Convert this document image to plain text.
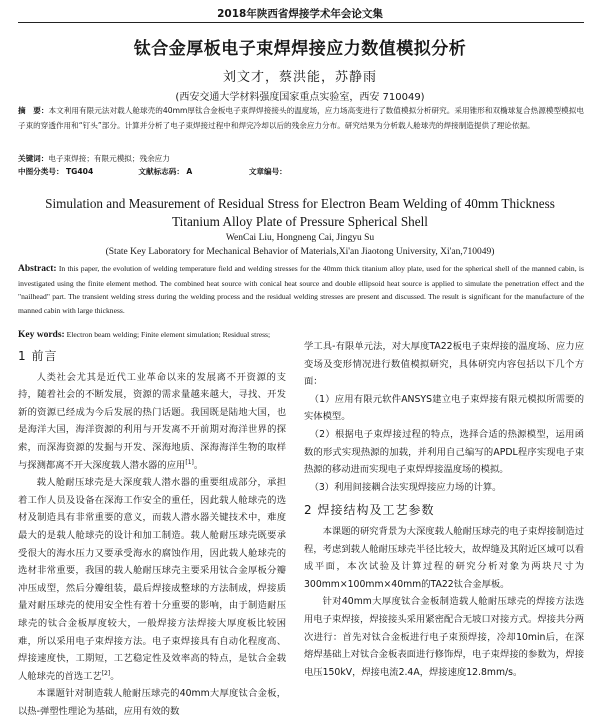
2018年陕西省焊接学术年会论文集
钛合金厚板电子束焊焊接应力数值模拟分析
刘文才，蔡洪能，苏静雨
(西安交通大学材料强度国家重点实验室，西安 710049)
摘　要：本文利用有限元法对载人舱球壳的40mm厚钛合金板电子束焊焊接接头的温度场，应力场高变进行了数值模拟分析研究。采用锥形和双椭球复合热源模型模拟电子束的穿透作用和“钉头”部分。计算并分析了电子束焊接过程中和焊完冷却以后的残余应力分布。研究结果为分析载人舱球壳的焊接制造提供了理论依据。
关键词：电子束焊接；有限元模拟；残余应力
中图分类号： TG404	文献标志码： A	文章编号：
Simulation and Measurement of Residual Stress for Electron Beam Welding of 40mm Thickness Titanium Alloy Plate of Pressure Spherical Shell
WenCai Liu, Hongneng Cai, Jingyu Su
(State Key Laboratory for Mechanical Behavior of Materials,Xi'an Jiaotong University, Xi'an,710049)
Abstract: In this paper, the evolution of welding temperature field and welding stresses for the 40mm thick titanium alloy plate, used for the spherical shell of the manned cabin, is investigated using the finite element method. The combined heat source with conical heat source and double ellipsoid heat source is applied to simulate the penetration effect and the "nailhead" part. The transient welding stress during the welding process and the residual welding stresses are present and discussed. The result is significant for the manufacture of the manned cabin with large thickness.
Key words: Electron beam welding; Finite element simulation; Residual stress;
1 前言

人类社会尤其是近代工业革命以来的发展离不开资源的支持，随着社会的不断发展，资源的需求量越来越大，寻找、开发新的资源已经成为今后发展的热门话题。我国既是陆地大国，也是海洋大国，海洋资源的利用与开发离不开前期对海洋世界的探索，而深海资源的发掘与开发、深海地质、深海海洋生物的取样与探测都离不开大深度载人潜水器的应用[1]。

载人舱耐压球壳是大深度载人潜水器的重要组成部分，承担着工作人员及设备在深海工作安全的重任，因此载人舱球壳的选材及制造具有非常重要的意义，而载人潜水器关键技术中，难度最大的是载人舱球壳的设计和加工制造。载人舱耐压球壳既要承受很大的海水压力又要承受海水的腐蚀作用，因此载人舱球壳的选材非常重要，我国的载人舱耐压球壳主要采用钛合金厚板分瓣冲压成型，然后分瓣组装，最后焊接成整球的方法制成，焊接质量对耐压球壳的使用安全性有着十分重要的影响，由于制造耐压球壳的钛合金板厚度较大，一般焊接方法焊接大厚度板比较困难，所以采用电子束焊接方法。电子束焊接具有自动化程度高、焊接速度快，工期短，工艺稳定性及效率高的特点，是钛合金载人舱球壳的首选工艺[2]。

本课题针对制造载人舱耐压球壳的40mm大厚度钛合金板，以热-弹塑性理论为基础，应用有效的数

学工具-有限单元法，对大厚度TA22板电子束焊接的温度场、应力应变场及变形情况进行数值模拟研究，具体研究内容包括以下几个方面：

（1）应用有限元软件ANSYS建立电子束焊接有限元模拟所需要的实体模型。

（2）根据电子束焊接过程的特点，选择合适的热源模型，运用函数的形式实现热源的加载，并利用自己编写的APDL程序实现电子束热源的移动进而实现电子束焊焊接温度场的模拟。

（3）利用间接耦合法实现焊接应力场的计算。

2 焊接结构及工艺参数

本课题的研究背景为大深度载人舱耐压球壳的电子束焊接制造过程，考虑到载人舱耐压球壳半径比较大，故焊缝及其附近区域可以看成平面，本次试验及计算过程的研究分析对象为两块尺寸为300mm×100mm×40mm的TA22钛合金厚板。

针对40mm大厚度钛合金板制造载人舱耐压球壳的焊接方法选用电子束焊接，焊接接头采用紧密配合无坡口对接方式。焊接共分两次进行：首先对钛合金板进行电子束预焊接，冷却10min后，在深熔焊基础上对钛合金板表面进行修饰焊，电子束焊接的参数为，焊接电压150kV，焊接电流2.4A，焊接速度12.8mm/s。
